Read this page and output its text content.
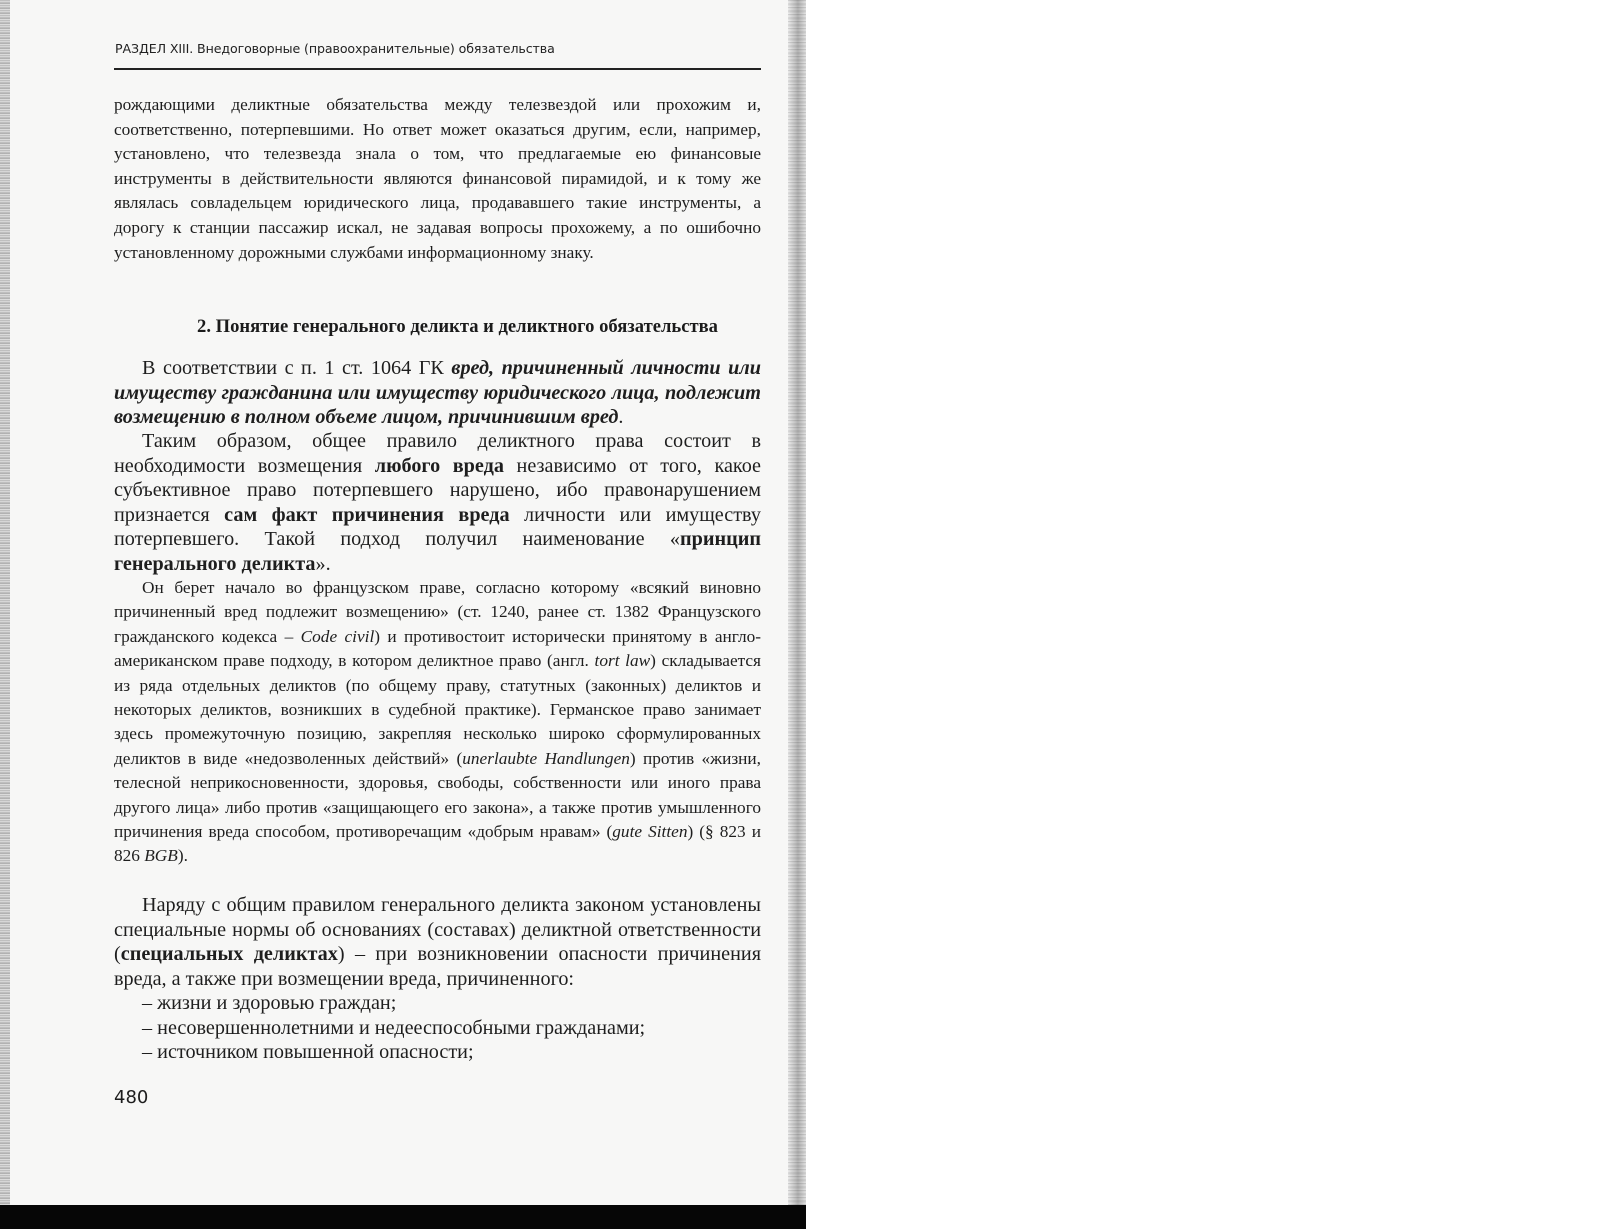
РАЗДЕЛ XIII. Внедоговорные (правоохранительные) обязательства
рождающими деликтные обязательства между телезвездой или прохожим и, соответственно, потерпевшими. Но ответ может оказаться другим, если, например, установлено, что телезвезда знала о том, что предлагаемые ею финансовые инструменты в действительности являются финансовой пирамидой, и к тому же являлась совладельцем юридического лица, продававшего такие инструменты, а дорогу к станции пассажир искал, не задавая вопросы прохожему, а по ошибочно установленному дорожными службами информационному знаку.
2. Понятие генерального деликта и деликтного обязательства
В соответствии с п. 1 ст. 1064 ГК вред, причиненный личности или имуществу гражданина или имуществу юридического лица, подлежит возмещению в полном объеме лицом, причинившим вред.
Таким образом, общее правило деликтного права состоит в необходимости возмещения любого вреда независимо от того, какое субъективное право потерпевшего нарушено, ибо правонарушением признается сам факт причинения вреда личности или имуществу потерпевшего. Такой подход получил наименование «принцип генерального деликта».
Он берет начало во французском праве, согласно которому «всякий виновно причиненный вред подлежит возмещению» (ст. 1240, ранее ст. 1382 Французского гражданского кодекса – Code civil) и противостоит исторически принятому в англо-американском праве подходу, в котором деликтное право (англ. tort law) складывается из ряда отдельных деликтов (по общему праву, статутных (законных) деликтов и некоторых деликтов, возникших в судебной практике). Германское право занимает здесь промежуточную позицию, закрепляя несколько широко сформулированных деликтов в виде «недозволенных действий» (unerlaubte Handlungen) против «жизни, телесной неприкосновенности, здоровья, свободы, собственности или иного права другого лица» либо против «защищающего его закона», а также против умышленного причинения вреда способом, противоречащим «добрым нравам» (gute Sitten) (§ 823 и 826 BGB).
Наряду с общим правилом генерального деликта законом установлены специальные нормы об основаниях (составах) деликтной ответственности (специальных деликтах) – при возникновении опасности причинения вреда, а также при возмещении вреда, причиненного:
– жизни и здоровью граждан;
– несовершеннолетними и недееспособными гражданами;
– источником повышенной опасности;
480
